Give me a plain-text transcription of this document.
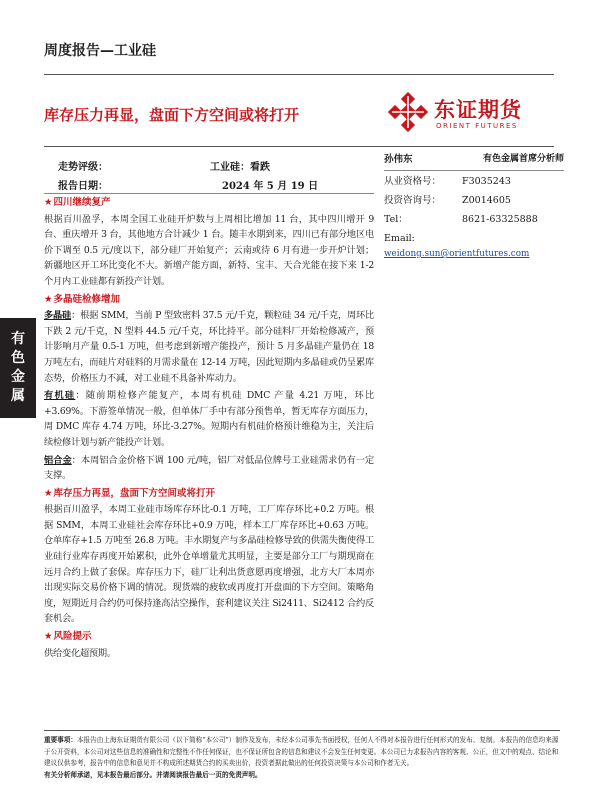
周度报告—工业硅
库存压力再显，盘面下方空间或将打开	东证期货
ORIENT FUTURES
走势评级：	工业硅：看跌
报告日期：	2024 年 5 月 19 日
有
色
金
属
★四川继续复产

根据百川盈孚，本周全国工业硅开炉数与上周相比增加 11 台，其中四川增开 9 台、重庆增开 3 台，其他地方合计减少 1 台。随丰水期到来，四川已有部分地区电价下调至 0.5 元/度以下，部分硅厂开始复产；云南或待 6 月有进一步开炉计划；新疆地区开工环比变化不大。新增产能方面，新特、宝丰、天合光能在接下来 1-2 个月内工业硅都有新投产计划。

★多晶硅检修增加

多晶硅：根据 SMM，当前 P 型致密料 37.5 元/千克，颗粒硅 34 元/千克，周环比下跌 2 元/千克，N 型料 44.5 元/千克，环比持平。部分硅料厂开始检修减产，预计影响月产量 0.5-1 万吨，但考虑到新增产能投产，预计 5 月多晶硅产量仍在 18 万吨左右，而硅片对硅料的月需求量在 12-14 万吨，因此短期内多晶硅或仍呈累库态势，价格压力不减，对工业硅不具备补库动力。

有机硅：随前期检修产能复产，本周有机硅 DMC 产量 4.21 万吨，环比+3.69%。下游签单情况一般，但单体厂手中有部分预售单，暂无库存方面压力，周 DMC 库存 4.74 万吨，环比-3.27%。短期内有机硅价格预计维稳为主，关注后续检修计划与新产能投产计划。

铝合金：本周铝合金价格下调 100 元/吨，铝厂对低品位牌号工业硅需求仍有一定支撑。

★库存压力再显，盘面下方空间或将打开

根据百川盈孚，本周工业硅市场库存环比-0.1 万吨，工厂库存环比+0.2 万吨。根据 SMM，本周工业硅社会库存环比+0.9 万吨，样本工厂库存环比+0.63 万吨。仓单库存+1.5 万吨至 26.8 万吨。丰水期复产与多晶硅检修导致的供需失衡使得工业硅行业库存再度开始累积，此外仓单增量尤其明显，主要是部分工厂与期现商在远月合约上做了套保。库存压力下，硅厂让利出货意愿再度增强，北方大厂本周亦出现实际交易价格下调的情况。现货端的疲软或再度打开盘面的下方空间。策略角度，短期近月合约仍可保持逢高沽空操作，套利建议关注 Si2411、Si2412 合约反套机会。

★风险提示

供给变化超预期。

孙伟东	有色金属首席分析师
从业资格号： F3035243
投资咨询号： Z0014605
Tel：	8621-63325888
Email:weidong.sun@orientfutures.com
重要事项：本报告由上海东证期货有限公司（以下简称“本公司”）制作及发布，未经本公司事先书面授权，任何人不得对本报告进行任何形式的发布、复制。本报告的信息均来源于公开资料，本公司对这些信息的准确性和完整性不作任何保证，也不保证所包含的信息和建议不会发生任何变更。本公司已力求报告内容的客观、公正，但文中的观点、结论和建议仅供参考，报告中的信息和意见并不构成所述期货合约的买卖出价，投资者据此做出的任何投资决策与本公司和作者无关。
有关分析师承诺，见本报告最后部分。并请阅读报告最后一页的免责声明。
